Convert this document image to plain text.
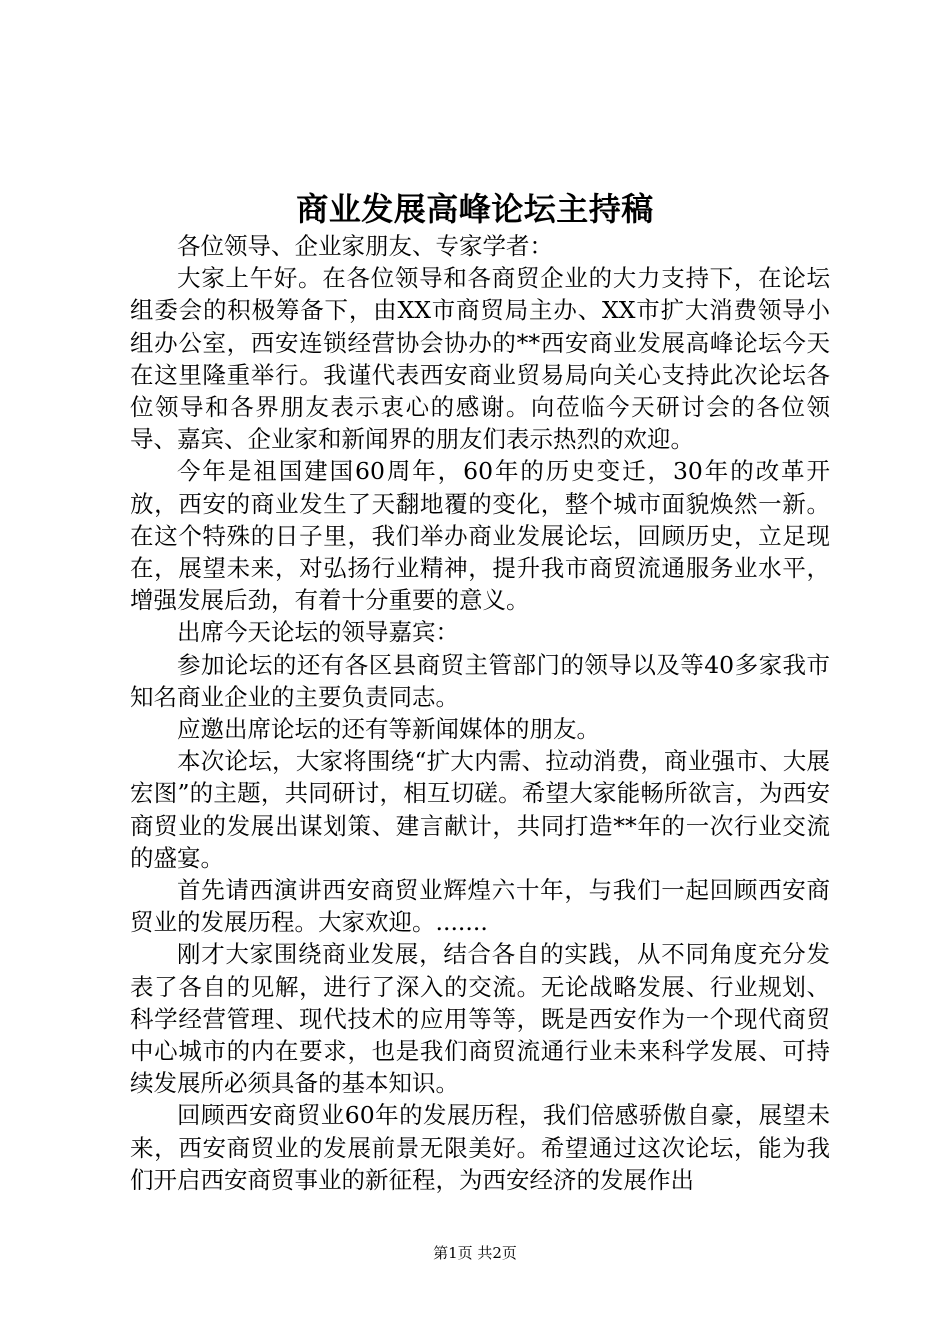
商业发展高峰论坛主持稿

各位领导、企业家朋友、专家学者：

大家上午好。在各位领导和各商贸企业的大力支持下，在论坛组委会的积极筹备下，由XX市商贸局主办、XX市扩大消费领导小组办公室，西安连锁经营协会协办的**西安商业发展高峰论坛今天在这里隆重举行。我谨代表西安商业贸易局向关心支持此次论坛各位领导和各界朋友表示衷心的感谢。向莅临今天研讨会的各位领导、嘉宾、企业家和新闻界的朋友们表示热烈的欢迎。

今年是祖国建国60周年，60年的历史变迁，30年的改革开放，西安的商业发生了天翻地覆的变化，整个城市面貌焕然一新。在这个特殊的日子里，我们举办商业发展论坛，回顾历史，立足现在，展望未来，对弘扬行业精神，提升我市商贸流通服务业水平，增强发展后劲，有着十分重要的意义。

出席今天论坛的领导嘉宾：

参加论坛的还有各区县商贸主管部门的领导以及等40多家我市知名商业企业的主要负责同志。

应邀出席论坛的还有等新闻媒体的朋友。

本次论坛，大家将围绕“扩大内需、拉动消费，商业强市、大展宏图”的主题，共同研讨，相互切磋。希望大家能畅所欲言，为西安商贸业的发展出谋划策、建言献计，共同打造**年的一次行业交流的盛宴。

首先请西演讲西安商贸业辉煌六十年，与我们一起回顾西安商贸业的发展历程。大家欢迎。.......

刚才大家围绕商业发展，结合各自的实践，从不同角度充分发表了各自的见解，进行了深入的交流。无论战略发展、行业规划、科学经营管理、现代技术的应用等等，既是西安作为一个现代商贸中心城市的内在要求，也是我们商贸流通行业未来科学发展、可持续发展所必须具备的基本知识。

回顾西安商贸业60年的发展历程，我们倍感骄傲自豪，展望未来，西安商贸业的发展前景无限美好。希望通过这次论坛，能为我们开启西安商贸事业的新征程，为西安经济的发展作出

第1页 共2页
